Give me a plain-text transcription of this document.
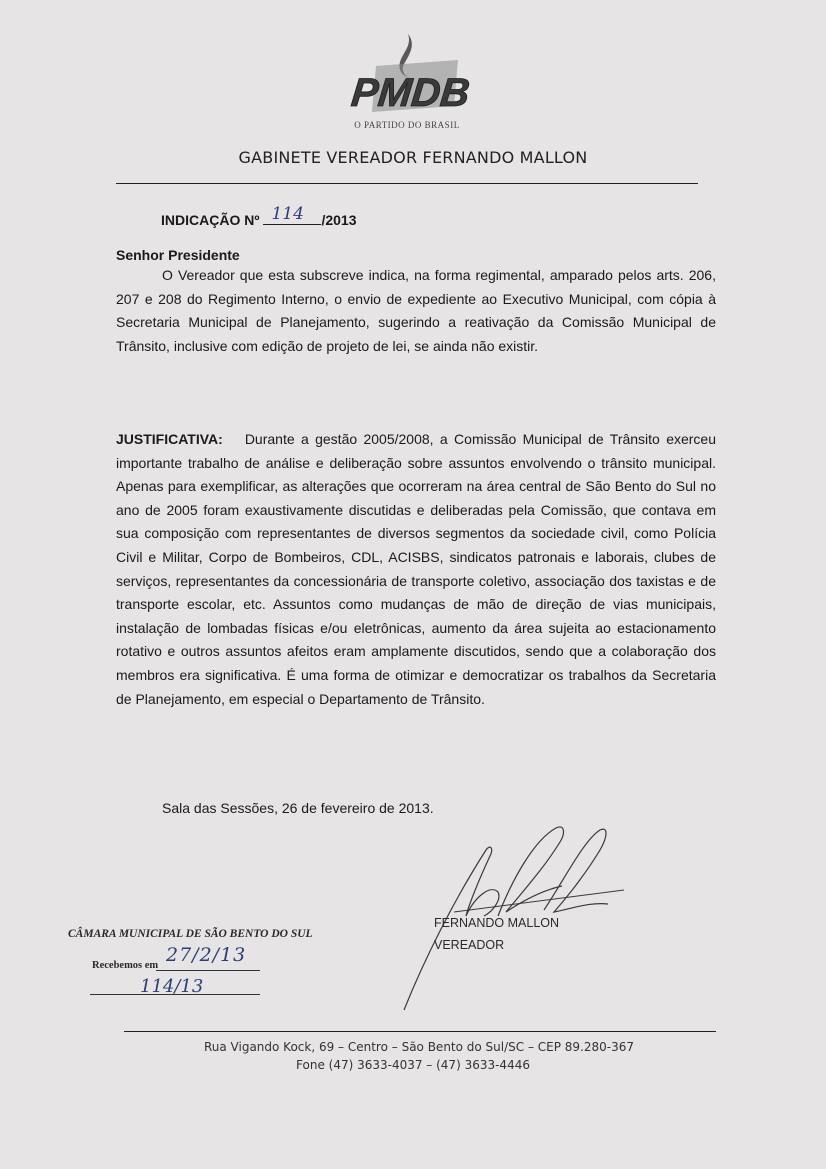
PMDB
O PARTIDO DO BRASIL
GABINETE VEREADOR FERNANDO MALLON
INDICAÇÃO Nº 114 /2013
Senhor Presidente
O Vereador que esta subscreve indica, na forma regimental, amparado pelos arts. 206, 207 e 208 do Regimento Interno, o envio de expediente ao Executivo Municipal, com cópia à Secretaria Municipal de Planejamento, sugerindo a reativação da Comissão Municipal de Trânsito, inclusive com edição de projeto de lei, se ainda não existir.
JUSTIFICATIVA: Durante a gestão 2005/2008, a Comissão Municipal de Trânsito exerceu importante trabalho de análise e deliberação sobre assuntos envolvendo o trânsito municipal. Apenas para exemplificar, as alterações que ocorreram na área central de São Bento do Sul no ano de 2005 foram exaustivamente discutidas e deliberadas pela Comissão, que contava em sua composição com representantes de diversos segmentos da sociedade civil, como Polícia Civil e Militar, Corpo de Bombeiros, CDL, ACISBS, sindicatos patronais e laborais, clubes de serviços, representantes da concessionária de transporte coletivo, associação dos taxistas e de transporte escolar, etc. Assuntos como mudanças de mão de direção de vias municipais, instalação de lombadas físicas e/ou eletrônicas, aumento da área sujeita ao estacionamento rotativo e outros assuntos afeitos eram amplamente discutidos, sendo que a colaboração dos membros era significativa. É uma forma de otimizar e democratizar os trabalhos da Secretaria de Planejamento, em especial o Departamento de Trânsito.
Sala das Sessões, 26 de fevereiro de 2013.
FERNANDO MALLON
VEREADOR
CÂMARA MUNICIPAL DE SÃO BENTO DO SUL
Recebemos em 27/2/13
114/13
Rua Vigando Kock, 69 – Centro – São Bento do Sul/SC – CEP 89.280-367
Fone (47) 3633-4037 – (47) 3633-4446
